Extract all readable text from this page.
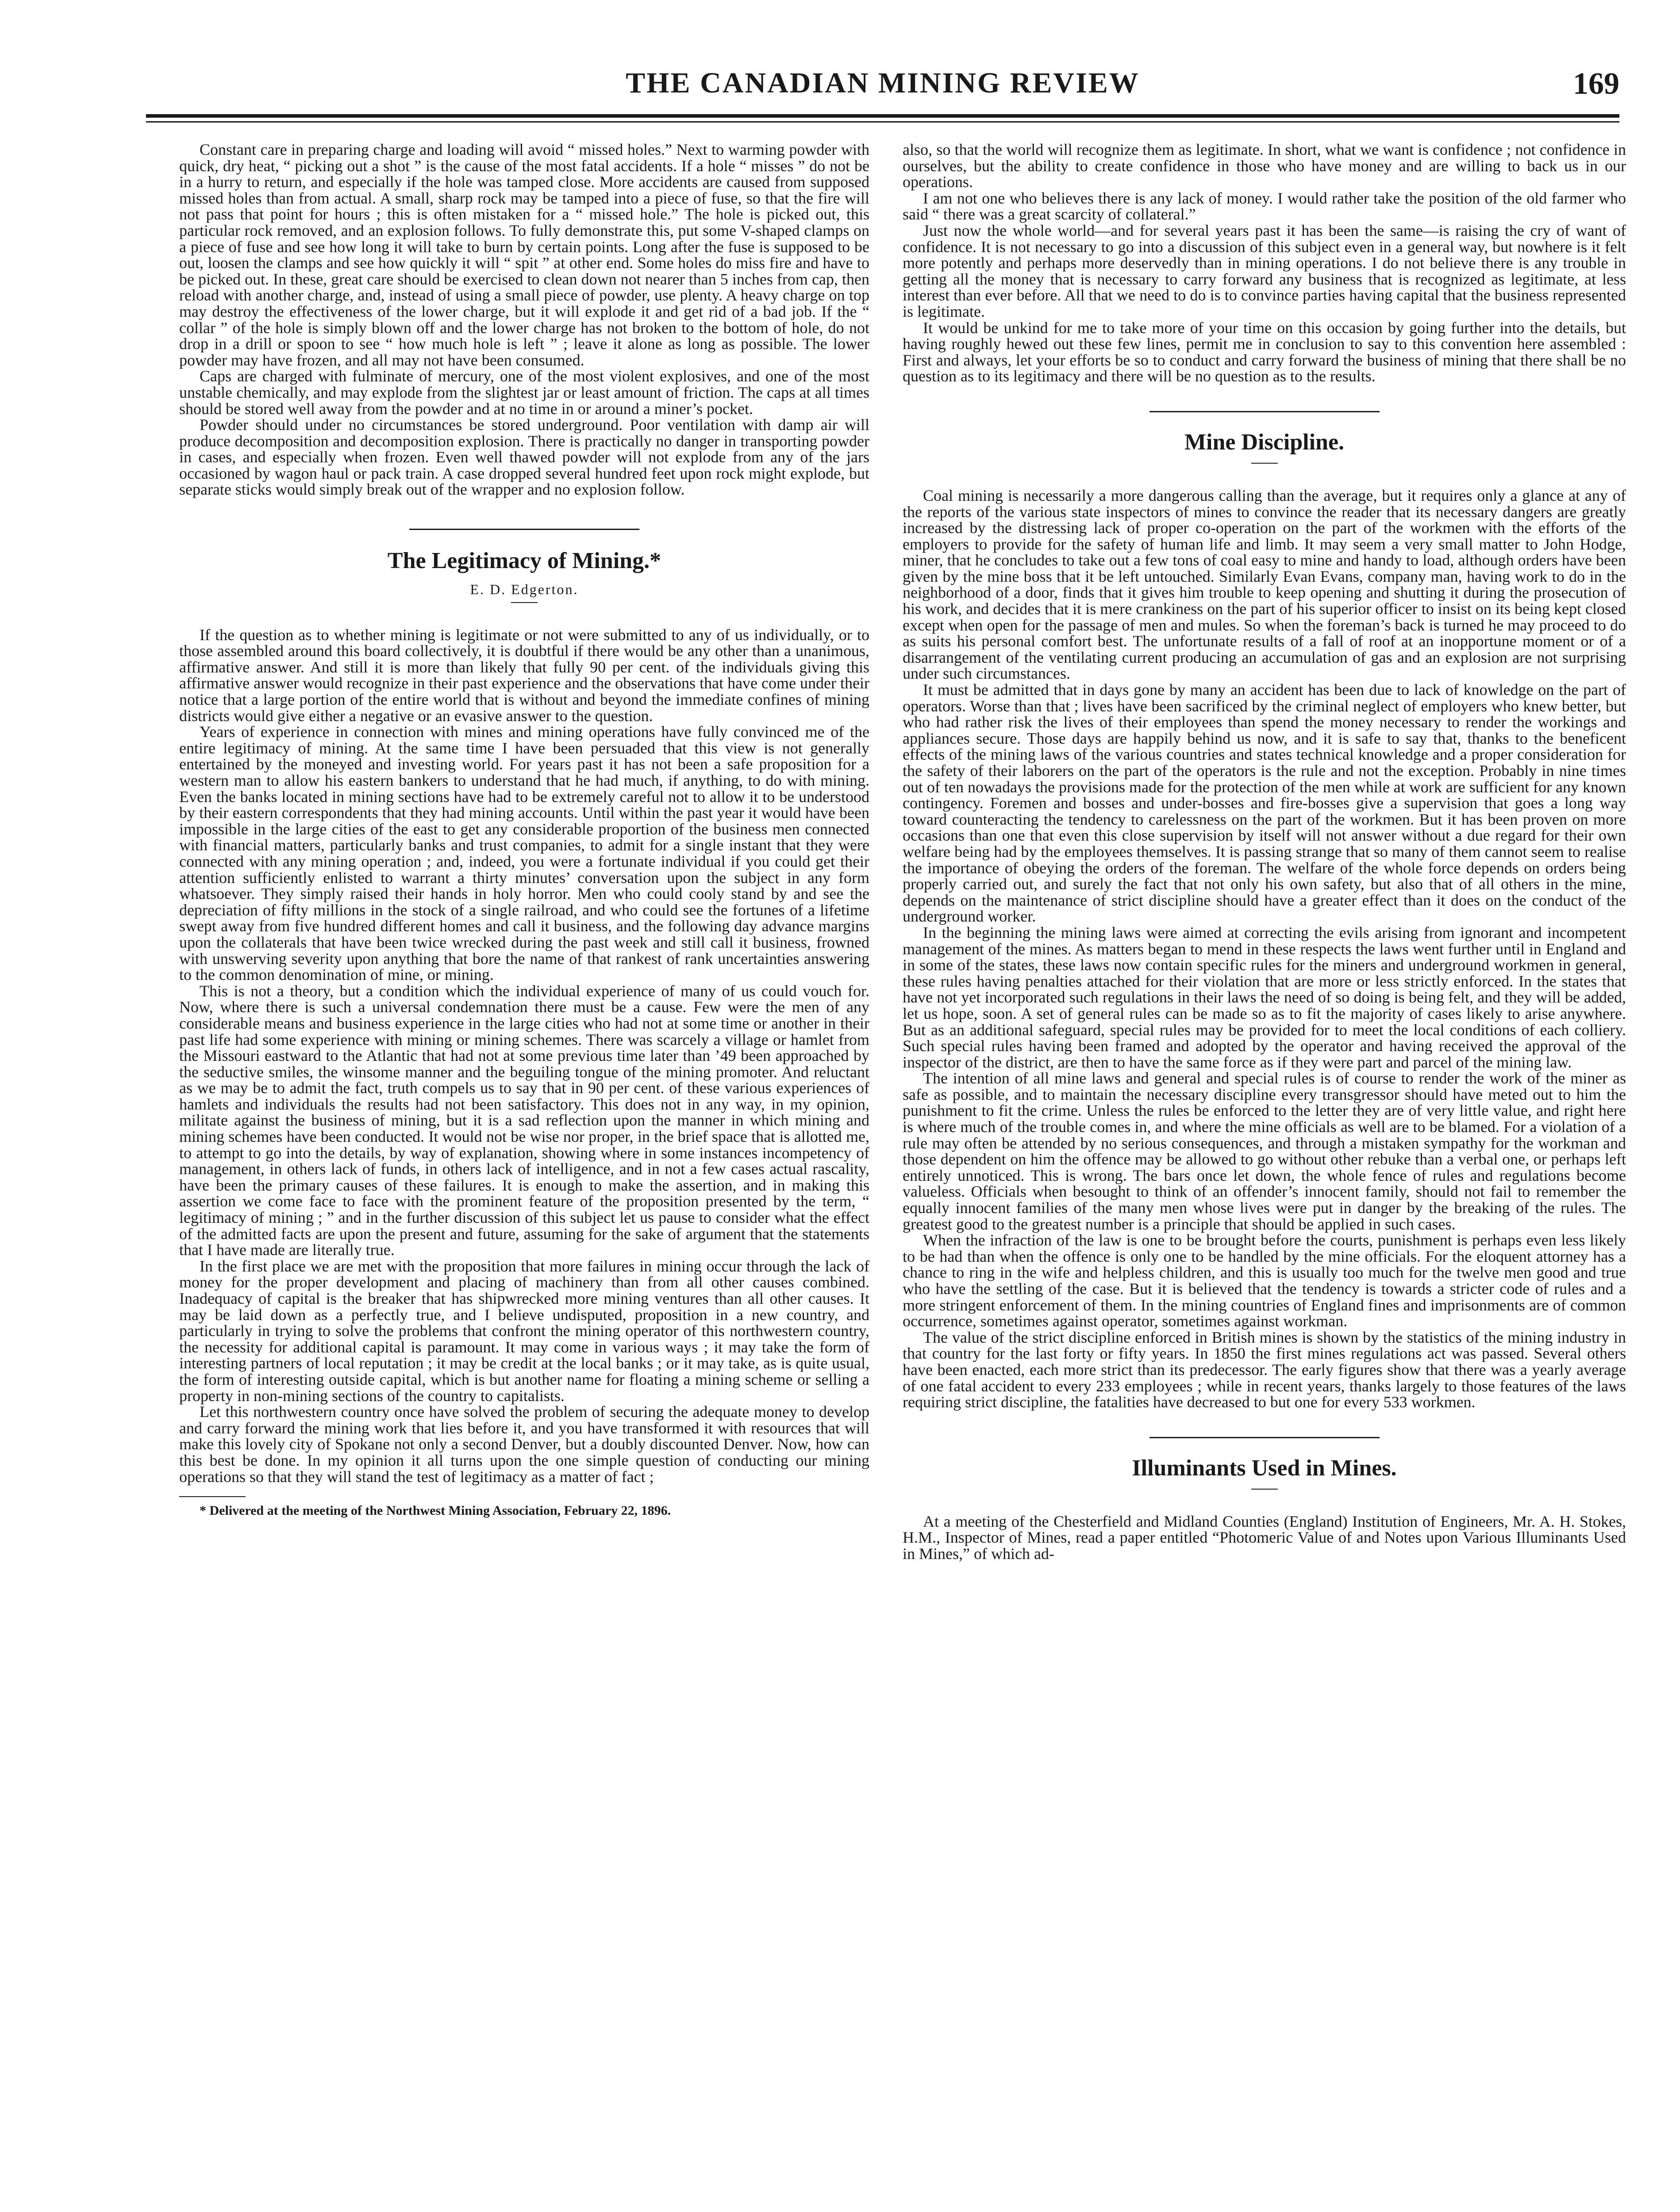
THE CANADIAN MINING REVIEW	169

Constant care in preparing charge and loading will avoid “ missed holes.” Next to warming powder with quick, dry heat, “ picking out a shot ” is the cause of the most fatal accidents. If a hole “ misses ” do not be in a hurry to return, and especially if the hole was tamped close. More accidents are caused from supposed missed holes than from actual. A small, sharp rock may be tamped into a piece of fuse, so that the fire will not pass that point for hours ; this is often mistaken for a “ missed hole.” The hole is picked out, this particular rock removed, and an explosion follows. To fully demonstrate this, put some V-shaped clamps on a piece of fuse and see how long it will take to burn by certain points. Long after the fuse is supposed to be out, loosen the clamps and see how quickly it will “ spit ” at other end. Some holes do miss fire and have to be picked out. In these, great care should be exercised to clean down not nearer than 5 inches from cap, then reload with another charge, and, instead of using a small piece of powder, use plenty. A heavy charge on top may destroy the effectiveness of the lower charge, but it will explode it and get rid of a bad job. If the “ collar ” of the hole is simply blown off and the lower charge has not broken to the bottom of hole, do not drop in a drill or spoon to see “ how much hole is left ” ; leave it alone as long as possible. The lower powder may have frozen, and all may not have been consumed.

Caps are charged with fulminate of mercury, one of the most violent explosives, and one of the most unstable chemically, and may explode from the slightest jar or least amount of friction. The caps at all times should be stored well away from the powder and at no time in or around a miner’s pocket.

Powder should under no circumstances be stored underground. Poor ventilation with damp air will produce decomposition and decomposition explosion. There is practically no danger in transporting powder in cases, and especially when frozen. Even well thawed powder will not explode from any of the jars occasioned by wagon haul or pack train. A case dropped several hundred feet upon rock might explode, but separate sticks would simply break out of the wrapper and no explosion follow.

The Legitimacy of Mining.*
E. D. Edgerton.

If the question as to whether mining is legitimate or not were submitted to any of us individually, or to those assembled around this board collectively, it is doubtful if there would be any other than a unanimous, affirmative answer. And still it is more than likely that fully 90 per cent. of the individuals giving this affirmative answer would recognize in their past experience and the observations that have come under their notice that a large portion of the entire world that is without and beyond the immediate confines of mining districts would give either a negative or an evasive answer to the question.

Years of experience in connection with mines and mining operations have fully convinced me of the entire legitimacy of mining. At the same time I have been persuaded that this view is not generally entertained by the moneyed and investing world. For years past it has not been a safe proposition for a western man to allow his eastern bankers to understand that he had much, if anything, to do with mining. Even the banks located in mining sections have had to be extremely careful not to allow it to be understood by their eastern correspondents that they had mining accounts. Until within the past year it would have been impossible in the large cities of the east to get any considerable proportion of the business men connected with financial matters, particularly banks and trust companies, to admit for a single instant that they were connected with any mining operation ; and, indeed, you were a fortunate individual if you could get their attention sufficiently enlisted to warrant a thirty minutes’ conversation upon the subject in any form whatsoever. They simply raised their hands in holy horror. Men who could cooly stand by and see the depreciation of fifty millions in the stock of a single railroad, and who could see the fortunes of a lifetime swept away from five hundred different homes and call it business, and the following day advance margins upon the collaterals that have been twice wrecked during the past week and still call it business, frowned with unswerving severity upon anything that bore the name of that rankest of rank uncertainties answering to the common denomination of mine, or mining.

This is not a theory, but a condition which the individual experience of many of us could vouch for. Now, where there is such a universal condemnation there must be a cause. Few were the men of any considerable means and business experience in the large cities who had not at some time or another in their past life had some experience with mining or mining schemes. There was scarcely a village or hamlet from the Missouri eastward to the Atlantic that had not at some previous time later than ’49 been approached by the seductive smiles, the winsome manner and the beguiling tongue of the mining promoter. And reluctant as we may be to admit the fact, truth compels us to say that in 90 per cent. of these various experiences of hamlets and individuals the results had not been satisfactory. This does not in any way, in my opinion, militate against the business of mining, but it is a sad reflection upon the manner in which mining and mining schemes have been conducted. It would not be wise nor proper, in the brief space that is allotted me, to attempt to go into the details, by way of explanation, showing where in some instances incompetency of management, in others lack of funds, in others lack of intelligence, and in not a few cases actual rascality, have been the primary causes of these failures. It is enough to make the assertion, and in making this assertion we come face to face with the prominent feature of the proposition presented by the term, “ legitimacy of mining ; ” and in the further discussion of this subject let us pause to consider what the effect of the admitted facts are upon the present and future, assuming for the sake of argument that the statements that I have made are literally true.

In the first place we are met with the proposition that more failures in mining occur through the lack of money for the proper development and placing of machinery than from all other causes combined. Inadequacy of capital is the breaker that has shipwrecked more mining ventures than all other causes. It may be laid down as a perfectly true, and I believe undisputed, proposition in a new country, and particularly in trying to solve the problems that confront the mining operator of this northwestern country, the necessity for additional capital is paramount. It may come in various ways ; it may take the form of interesting partners of local reputation ; it may be credit at the local banks ; or it may take, as is quite usual, the form of interesting outside capital, which is but another name for floating a mining scheme or selling a property in non-mining sections of the country to capitalists.

Let this northwestern country once have solved the problem of securing the adequate money to develop and carry forward the mining work that lies before it, and you have transformed it with resources that will make this lovely city of Spokane not only a second Denver, but a doubly discounted Denver. Now, how can this best be done. In my opinion it all turns upon the one simple question of conducting our mining operations so that they will stand the test of legitimacy as a matter of fact ;

* Delivered at the meeting of the Northwest Mining Association, February 22, 1896.

also, so that the world will recognize them as legitimate. In short, what we want is confidence ; not confidence in ourselves, but the ability to create confidence in those who have money and are willing to back us in our operations.

I am not one who believes there is any lack of money. I would rather take the position of the old farmer who said “ there was a great scarcity of collateral.”

Just now the whole world—and for several years past it has been the same—is raising the cry of want of confidence. It is not necessary to go into a discussion of this subject even in a general way, but nowhere is it felt more potently and perhaps more deservedly than in mining operations. I do not believe there is any trouble in getting all the money that is necessary to carry forward any business that is recognized as legitimate, at less interest than ever before. All that we need to do is to convince parties having capital that the business represented is legitimate.

It would be unkind for me to take more of your time on this occasion by going further into the details, but having roughly hewed out these few lines, permit me in conclusion to say to this convention here assembled : First and always, let your efforts be so to conduct and carry forward the business of mining that there shall be no question as to its legitimacy and there will be no question as to the results.

Mine Discipline.

Coal mining is necessarily a more dangerous calling than the average, but it requires only a glance at any of the reports of the various state inspectors of mines to convince the reader that its necessary dangers are greatly increased by the distressing lack of proper co-operation on the part of the workmen with the efforts of the employers to provide for the safety of human life and limb. It may seem a very small matter to John Hodge, miner, that he concludes to take out a few tons of coal easy to mine and handy to load, although orders have been given by the mine boss that it be left untouched. Similarly Evan Evans, company man, having work to do in the neighborhood of a door, finds that it gives him trouble to keep opening and shutting it during the prosecution of his work, and decides that it is mere crankiness on the part of his superior officer to insist on its being kept closed except when open for the passage of men and mules. So when the foreman’s back is turned he may proceed to do as suits his personal comfort best. The unfortunate results of a fall of roof at an inopportune moment or of a disarrangement of the ventilating current producing an accumulation of gas and an explosion are not surprising under such circumstances.

It must be admitted that in days gone by many an accident has been due to lack of knowledge on the part of operators. Worse than that ; lives have been sacrificed by the criminal neglect of employers who knew better, but who had rather risk the lives of their employees than spend the money necessary to render the workings and appliances secure. Those days are happily behind us now, and it is safe to say that, thanks to the beneficent effects of the mining laws of the various countries and states technical knowledge and a proper consideration for the safety of their laborers on the part of the operators is the rule and not the exception. Probably in nine times out of ten nowadays the provisions made for the protection of the men while at work are sufficient for any known contingency. Foremen and bosses and under-bosses and fire-bosses give a supervision that goes a long way toward counteracting the tendency to carelessness on the part of the workmen. But it has been proven on more occasions than one that even this close supervision by itself will not answer without a due regard for their own welfare being had by the employees themselves. It is passing strange that so many of them cannot seem to realise the importance of obeying the orders of the foreman. The welfare of the whole force depends on orders being properly carried out, and surely the fact that not only his own safety, but also that of all others in the mine, depends on the maintenance of strict discipline should have a greater effect than it does on the conduct of the underground worker.

In the beginning the mining laws were aimed at correcting the evils arising from ignorant and incompetent management of the mines. As matters began to mend in these respects the laws went further until in England and in some of the states, these laws now contain specific rules for the miners and underground workmen in general, these rules having penalties attached for their violation that are more or less strictly enforced. In the states that have not yet incorporated such regulations in their laws the need of so doing is being felt, and they will be added, let us hope, soon. A set of general rules can be made so as to fit the majority of cases likely to arise anywhere. But as an additional safeguard, special rules may be provided for to meet the local conditions of each colliery. Such special rules having been framed and adopted by the operator and having received the approval of the inspector of the district, are then to have the same force as if they were part and parcel of the mining law.

The intention of all mine laws and general and special rules is of course to render the work of the miner as safe as possible, and to maintain the necessary discipline every transgressor should have meted out to him the punishment to fit the crime. Unless the rules be enforced to the letter they are of very little value, and right here is where much of the trouble comes in, and where the mine officials as well are to be blamed. For a violation of a rule may often be attended by no serious consequences, and through a mistaken sympathy for the workman and those dependent on him the offence may be allowed to go without other rebuke than a verbal one, or perhaps left entirely unnoticed. This is wrong. The bars once let down, the whole fence of rules and regulations become valueless. Officials when besought to think of an offender’s innocent family, should not fail to remember the equally innocent families of the many men whose lives were put in danger by the breaking of the rules. The greatest good to the greatest number is a principle that should be applied in such cases.

When the infraction of the law is one to be brought before the courts, punishment is perhaps even less likely to be had than when the offence is only one to be handled by the mine officials. For the eloquent attorney has a chance to ring in the wife and helpless children, and this is usually too much for the twelve men good and true who have the settling of the case. But it is believed that the tendency is towards a stricter code of rules and a more stringent enforcement of them. In the mining countries of England fines and imprisonments are of common occurrence, sometimes against operator, sometimes against workman.

The value of the strict discipline enforced in British mines is shown by the statistics of the mining industry in that country for the last forty or fifty years. In 1850 the first mines regulations act was passed. Several others have been enacted, each more strict than its predecessor. The early figures show that there was a yearly average of one fatal accident to every 233 employees ; while in recent years, thanks largely to those features of the laws requiring strict discipline, the fatalities have decreased to but one for every 533 workmen.

Illuminants Used in Mines.

At a meeting of the Chesterfield and Midland Counties (England) Institution of Engineers, Mr. A. H. Stokes, H.M., Inspector of Mines, read a paper entitled “Photomeric Value of and Notes upon Various Illuminants Used in Mines,” of which ad-
